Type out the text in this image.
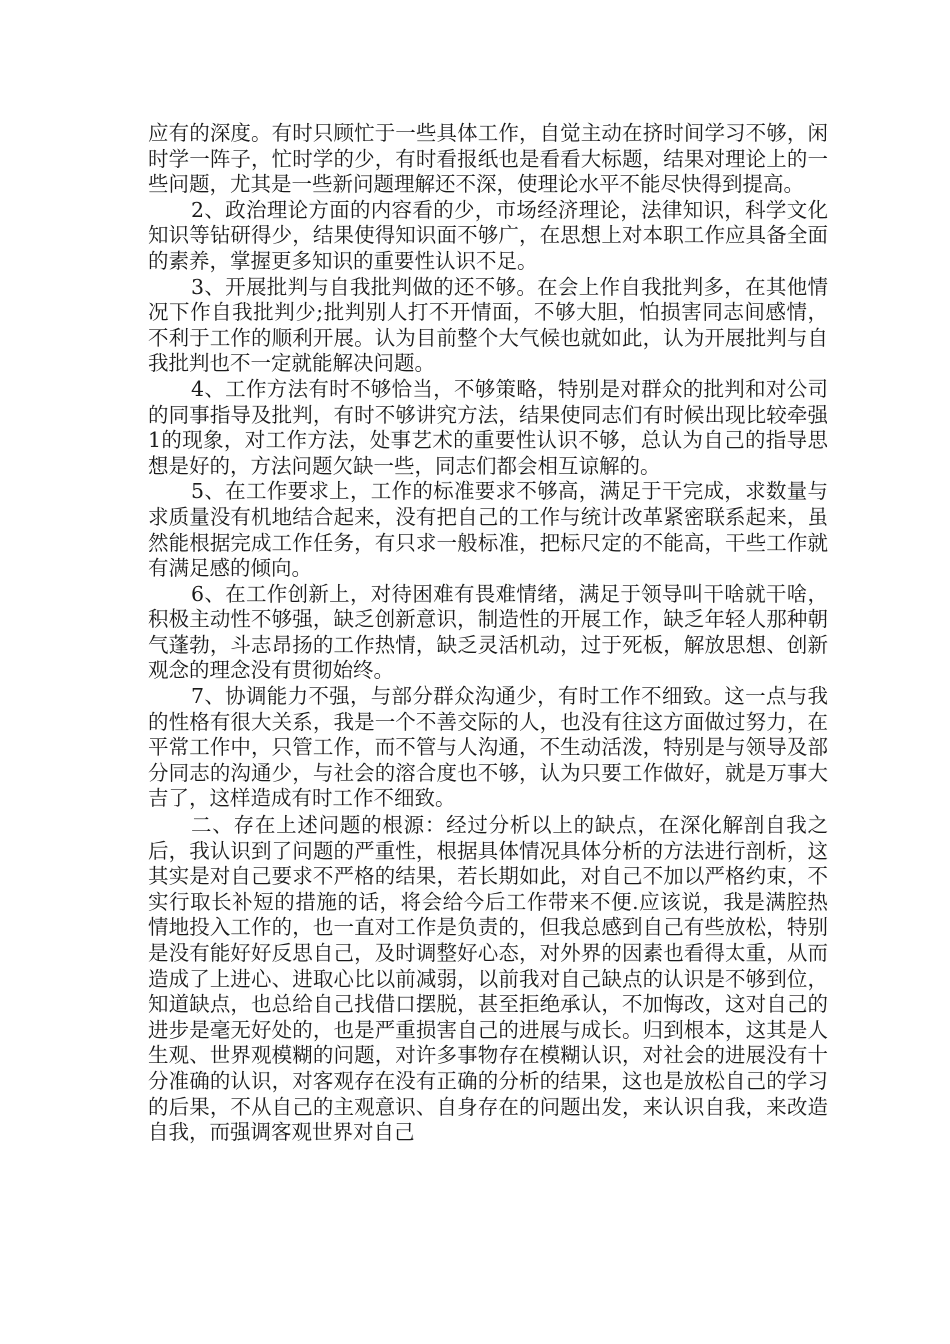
应有的深度。有时只顾忙于一些具体工作，自觉主动在挤时间学习不够，闲时学一阵子，忙时学的少，有时看报纸也是看看大标题，结果对理论上的一些问题，尤其是一些新问题理解还不深，使理论水平不能尽快得到提高。

2、政治理论方面的内容看的少，市场经济理论，法律知识，科学文化知识等钻研得少，结果使得知识面不够广，在思想上对本职工作应具备全面的素养，掌握更多知识的重要性认识不足。

3、开展批判与自我批判做的还不够。在会上作自我批判多，在其他情况下作自我批判少;批判别人打不开情面，不够大胆，怕损害同志间感情，不利于工作的顺利开展。认为目前整个大气候也就如此，认为开展批判与自我批判也不一定就能解决问题。

4、工作方法有时不够恰当，不够策略，特别是对群众的批判和对公司的同事指导及批判，有时不够讲究方法，结果使同志们有时候出现比较牵强1的现象，对工作方法，处事艺术的重要性认识不够，总认为自己的指导思想是好的，方法问题欠缺一些，同志们都会相互谅解的。

5、在工作要求上，工作的标准要求不够高，满足于干完成，求数量与求质量没有机地结合起来，没有把自己的工作与统计改革紧密联系起来，虽然能根据完成工作任务，有只求一般标准，把标尺定的不能高，干些工作就有满足感的倾向。

6、在工作创新上，对待困难有畏难情绪，满足于领导叫干啥就干啥，积极主动性不够强，缺乏创新意识，制造性的开展工作，缺乏年轻人那种朝气蓬勃，斗志昂扬的工作热情，缺乏灵活机动，过于死板，解放思想、创新观念的理念没有贯彻始终。

7、协调能力不强，与部分群众沟通少，有时工作不细致。这一点与我的性格有很大关系，我是一个不善交际的人，也没有往这方面做过努力，在平常工作中，只管工作，而不管与人沟通，不生动活泼，特别是与领导及部分同志的沟通少，与社会的溶合度也不够，认为只要工作做好，就是万事大吉了，这样造成有时工作不细致。

二、存在上述问题的根源：经过分析以上的缺点，在深化解剖自我之后，我认识到了问题的严重性，根据具体情况具体分析的方法进行剖析，这其实是对自己要求不严格的结果，若长期如此，对自己不加以严格约束，不实行取长补短的措施的话，将会给今后工作带来不便.应该说，我是满腔热情地投入工作的，也一直对工作是负责的，但我总感到自己有些放松，特别是没有能好好反思自己，及时调整好心态，对外界的因素也看得太重，从而造成了上进心、进取心比以前减弱，以前我对自己缺点的认识是不够到位，知道缺点，也总给自己找借口摆脱，甚至拒绝承认，不加悔改，这对自己的进步是毫无好处的，也是严重损害自己的进展与成长。归到根本，这其是人生观、世界观模糊的问题，对许多事物存在模糊认识，对社会的进展没有十分准确的认识，对客观存在没有正确的分析的结果，这也是放松自己的学习的后果，不从自己的主观意识、自身存在的问题出发，来认识自我，来改造自我，而强调客观世界对自己
